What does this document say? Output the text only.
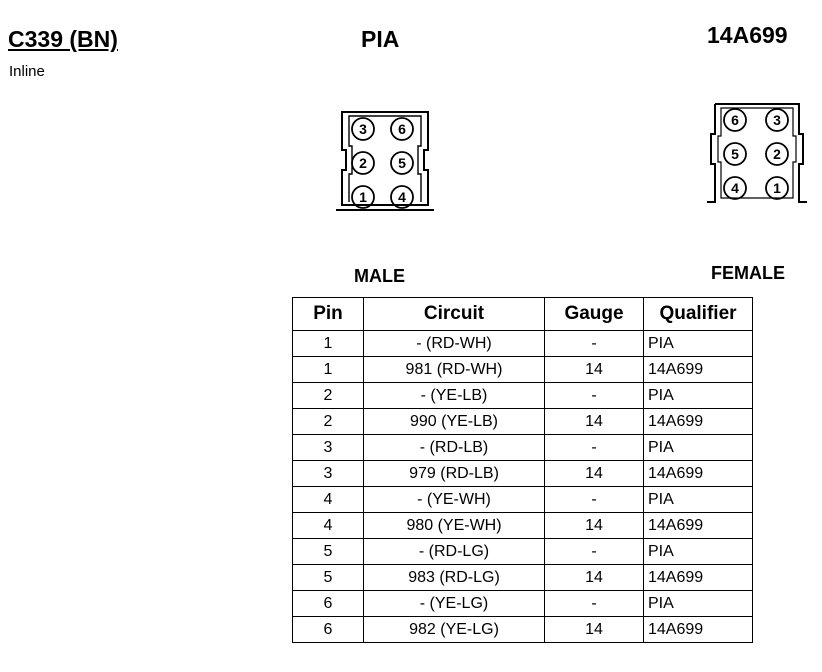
C339 (BN)
Inline
PIA	14A699
3 6
2 5
1 4
6 3
5 2
4 1
MALE	FEMALE
Pin	Circuit	Gauge	Qualifier
1	- (RD-WH)	-	PIA
1	981 (RD-WH)	14	14A699
2	- (YE-LB)	-	PIA
2	990 (YE-LB)	14	14A699
3	- (RD-LB)	-	PIA
3	979 (RD-LB)	14	14A699
4	- (YE-WH)	-	PIA
4	980 (YE-WH)	14	14A699
5	- (RD-LG)	-	PIA
5	983 (RD-LG)	14	14A699
6	- (YE-LG)	-	PIA
6	982 (YE-LG)	14	14A699
